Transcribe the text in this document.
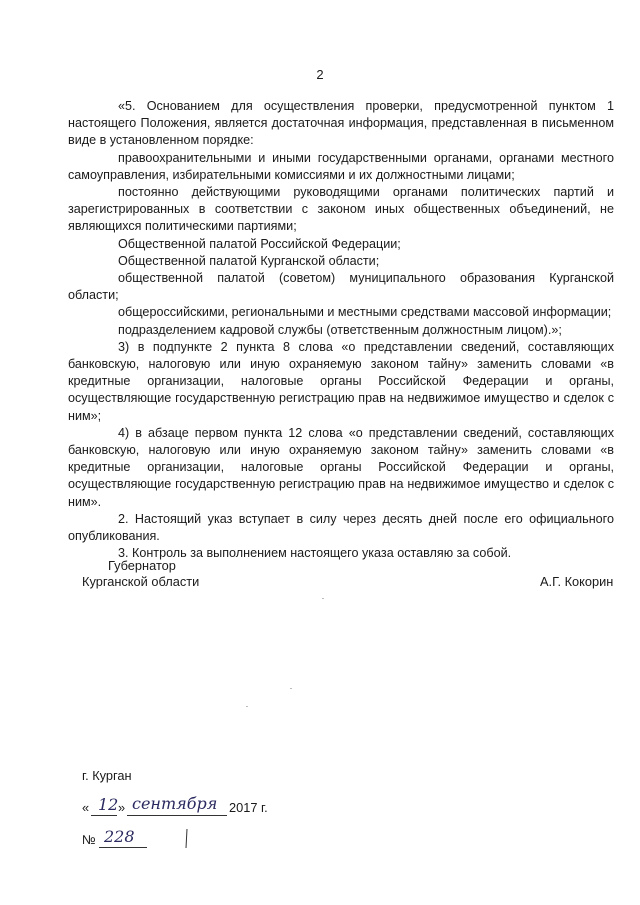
2

«5. Основанием для осуществления проверки, предусмотренной пунктом 1 настоящего Положения, является достаточная информация, представленная в письменном виде в установленном порядке:

правоохранительными и иными государственными органами, органами местного самоуправления, избирательными комиссиями и их должностными лицами;

постоянно действующими руководящими органами политических партий и зарегистрированных в соответствии с законом иных общественных объединений, не являющихся политическими партиями;

Общественной палатой Российской Федерации;

Общественной палатой Курганской области;

общественной палатой (советом) муниципального образования Курганской области;

общероссийскими, региональными и местными средствами массовой информации;

подразделением кадровой службы (ответственным должностным лицом).»;

3) в подпункте 2 пункта 8 слова «о представлении сведений, составляющих банковскую, налоговую или иную охраняемую законом тайну» заменить словами «в кредитные организации, налоговые органы Российской Федерации и органы, осуществляющие государственную регистрацию прав на недвижимое имущество и сделок с ним»;

4) в абзаце первом пункта 12 слова «о представлении сведений, составляющих банковскую, налоговую или иную охраняемую законом тайну» заменить словами «в кредитные организации, налоговые органы Российской Федерации и органы, осуществляющие государственную регистрацию прав на недвижимое имущество и сделок с ним».

2. Настоящий указ вступает в силу через десять дней после его официального опубликования.

3. Контроль за выполнением настоящего указа оставляю за собой.

Губернатор
Курганской области	А.Г. Кокорин
г. Курган
« 12 » сентября 2017 г.
№ 228
